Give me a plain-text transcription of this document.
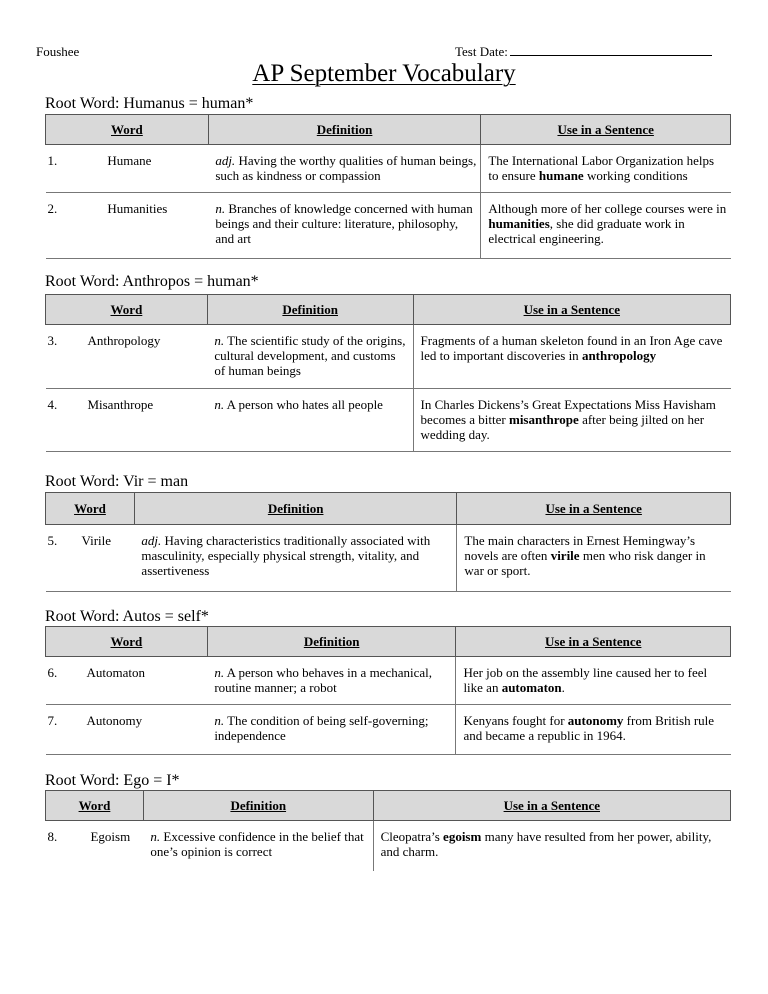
Foushee	Test Date:
AP September Vocabulary
Root Word: Humanus = human*
Word		Definition	Use in a Sentence
1.	Humane	adj. Having the worthy qualities of human beings, such as kindness or compassion	The International Labor Organization helps to ensure humane working conditions
2.	Humanities	n. Branches of knowledge concerned with human beings and their culture: literature, philosophy, and art	Although more of her college courses were in humanities, she did graduate work in electrical engineering.
Root Word: Anthropos = human*
Word		Definition	Use in a Sentence
3.	Anthropology	n. The scientific study of the origins, cultural development, and customs of human beings	Fragments of a human skeleton found in an Iron Age cave led to important discoveries in anthropology
4.	Misanthrope	n. A person who hates all people	In Charles Dickens’s Great Expectations Miss Havisham becomes a bitter misanthrope after being jilted on her wedding day.
Root Word: Vir = man
Word		Definition	Use in a Sentence
5.	Virile	adj. Having characteristics traditionally associated with masculinity, especially physical strength, vitality, and assertiveness	The main characters in Ernest Hemingway’s novels are often virile men who risk danger in war or sport.
Root Word: Autos = self*
Word		Definition	Use in a Sentence
6.	Automaton	n. A person who behaves in a mechanical, routine manner; a robot	Her job on the assembly line caused her to feel like an automaton.
7.	Autonomy	n. The condition of being self-governing; independence	Kenyans fought for autonomy from British rule and became a republic in 1964.
Root Word: Ego = I*
Word		Definition	Use in a Sentence
8.	Egoism	n. Excessive confidence in the belief that one’s opinion is correct	Cleopatra’s egoism many have resulted from her power, ability, and charm.
